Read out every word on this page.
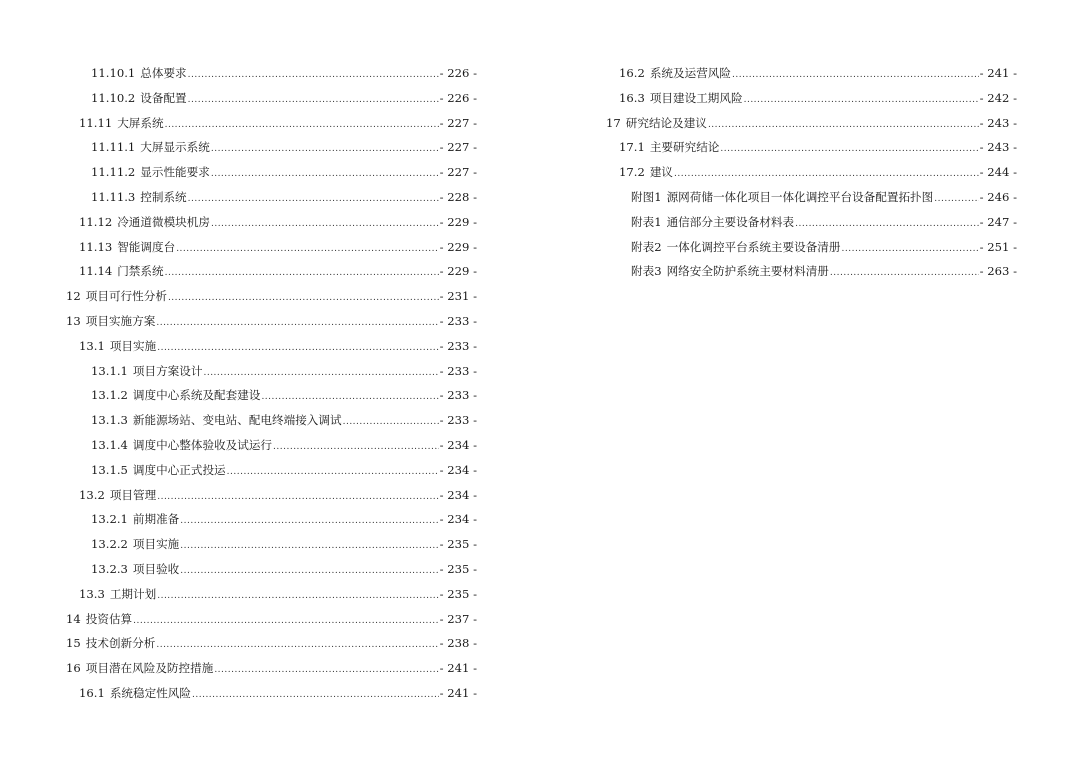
11.10.1 总体要求 .....	- 226 -
11.10.2 设备配置 .....	- 226 -
11.11 大屏系统 .....	- 227 -
11.11.1 大屏显示系统 .....	- 227 -
11.11.2 显示性能要求 .....	- 227 -
11.11.3 控制系统 .....	- 228 -
11.12 冷通道微模块机房 .....	- 229 -
11.13 智能调度台 .....	- 229 -
11.14 门禁系统 .....	- 229 -
12 项目可行性分析 .....	- 231 -
13 项目实施方案 .....	- 233 -
13.1 项目实施 .....	- 233 -
13.1.1 项目方案设计 .....	- 233 -
13.1.2 调度中心系统及配套建设 .....	- 233 -
13.1.3 新能源场站、变电站、配电终端接入调试 .....	- 233 -
13.1.4 调度中心整体验收及试运行 .....	- 234 -
13.1.5 调度中心正式投运 .....	- 234 -
13.2 项目管理 .....	- 234 -
13.2.1 前期准备 .....	- 234 -
13.2.2 项目实施 .....	- 235 -
13.2.3 项目验收 .....	- 235 -
13.3 工期计划 .....	- 235 -
14 投资估算 .....	- 237 -
15 技术创新分析 .....	- 238 -
16 项目潜在风险及防控措施 .....	- 241 -
16.1 系统稳定性风险 .....	- 241 -
16.2 系统及运营风险 .....	- 241 -
16.3 项目建设工期风险 .....	- 242 -
17 研究结论及建议 .....	- 243 -
17.1 主要研究结论 .....	- 243 -
17.2 建议 .....	- 244 -
附图1 源网荷储一体化项目一体化调控平台设备配置拓扑图 .....	- 246 -
附表1 通信部分主要设备材料表 .....	- 247 -
附表2 一体化调控平台系统主要设备清册 .....	- 251 -
附表3 网络安全防护系统主要材料清册 .....	- 263 -
